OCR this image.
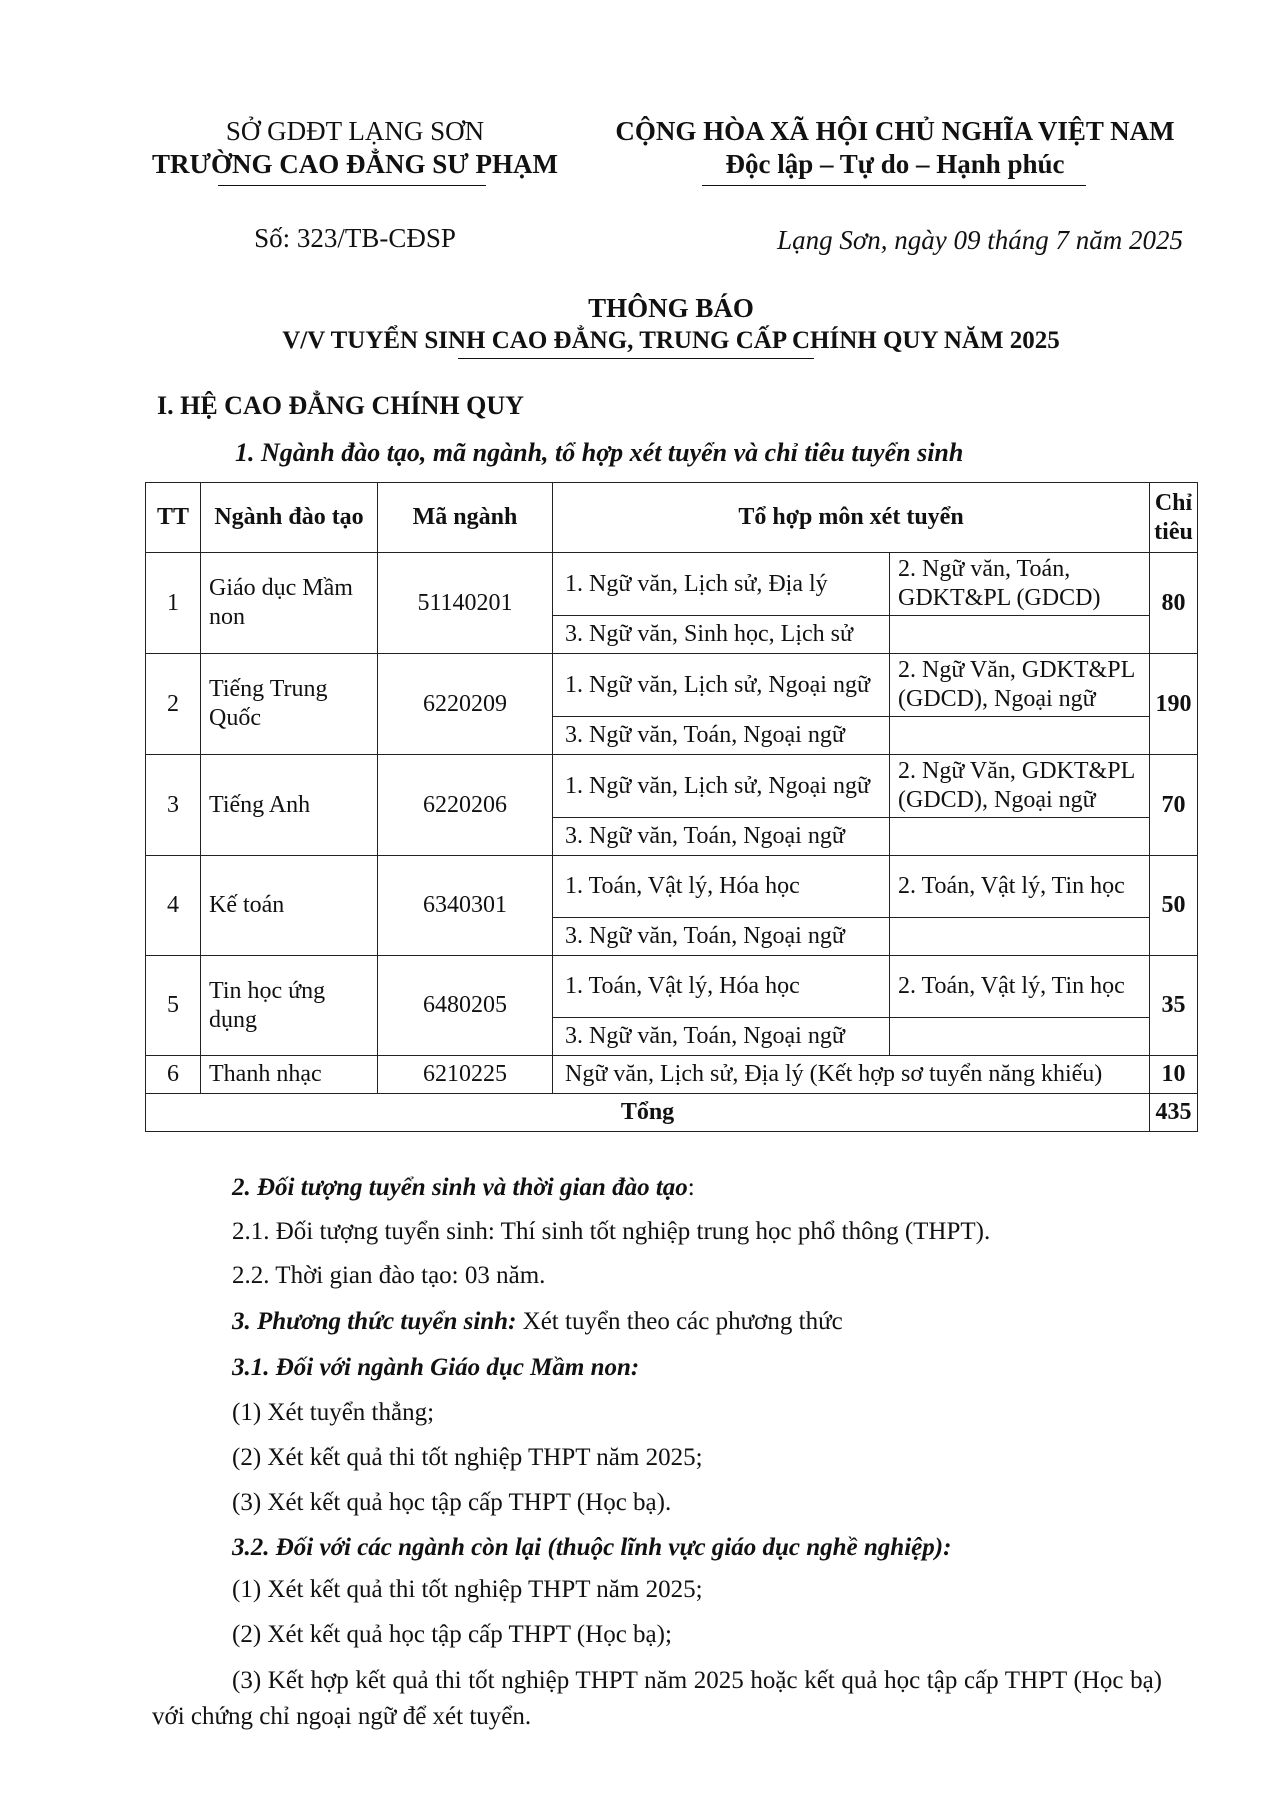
SỞ GDĐT LẠNG SƠN
TRƯỜNG CAO ĐẲNG SƯ PHẠM
CỘNG HÒA XÃ HỘI CHỦ NGHĨA VIỆT NAM
Độc lập – Tự do – Hạnh phúc
Số: 323/TB-CĐSP	Lạng Sơn, ngày 09 tháng 7 năm 2025
THÔNG BÁO
V/V TUYỂN SINH CAO ĐẲNG, TRUNG CẤP CHÍNH QUY NĂM 2025
I. HỆ CAO ĐẲNG CHÍNH QUY
1. Ngành đào tạo, mã ngành, tổ hợp xét tuyển và chỉ tiêu tuyển sinh
TT	Ngành đào tạo	Mã ngành	Tổ hợp môn xét tuyển		Chỉ tiêu
1	Giáo dục Mầm non	51140201	1. Ngữ văn, Lịch sử, Địa lý	2. Ngữ văn, Toán, GDKT&PL (GDCD)	80
			3. Ngữ văn, Sinh học, Lịch sử		
2	Tiếng Trung Quốc	6220209	1. Ngữ văn, Lịch sử, Ngoại ngữ	2. Ngữ Văn, GDKT&PL (GDCD), Ngoại ngữ	190
			3. Ngữ văn, Toán, Ngoại ngữ		
3	Tiếng Anh	6220206	1. Ngữ văn, Lịch sử, Ngoại ngữ	2. Ngữ Văn, GDKT&PL (GDCD), Ngoại ngữ	70
			3. Ngữ văn, Toán, Ngoại ngữ		
4	Kế toán	6340301	1. Toán, Vật lý, Hóa học	2. Toán, Vật lý, Tin học	50
			3. Ngữ văn, Toán, Ngoại ngữ		
5	Tin học ứng dụng	6480205	1. Toán, Vật lý, Hóa học	2. Toán, Vật lý, Tin học	35
			3. Ngữ văn, Toán, Ngoại ngữ		
6	Thanh nhạc	6210225	Ngữ văn, Lịch sử, Địa lý (Kết hợp sơ tuyển năng khiếu)		10
Tổng					435
2. Đối tượng tuyển sinh và thời gian đào tạo:
2.1. Đối tượng tuyển sinh: Thí sinh tốt nghiệp trung học phổ thông (THPT).
2.2. Thời gian đào tạo: 03 năm.
3. Phương thức tuyển sinh: Xét tuyển theo các phương thức
3.1. Đối với ngành Giáo dục Mầm non:
(1) Xét tuyển thẳng;
(2) Xét kết quả thi tốt nghiệp THPT năm 2025;
(3) Xét kết quả học tập cấp THPT (Học bạ).
3.2. Đối với các ngành còn lại (thuộc lĩnh vực giáo dục nghề nghiệp):
(1) Xét kết quả thi tốt nghiệp THPT năm 2025;
(2) Xét kết quả học tập cấp THPT (Học bạ);
(3) Kết hợp kết quả thi tốt nghiệp THPT năm 2025 hoặc kết quả học tập cấp THPT (Học bạ) với chứng chỉ ngoại ngữ để xét tuyển.
